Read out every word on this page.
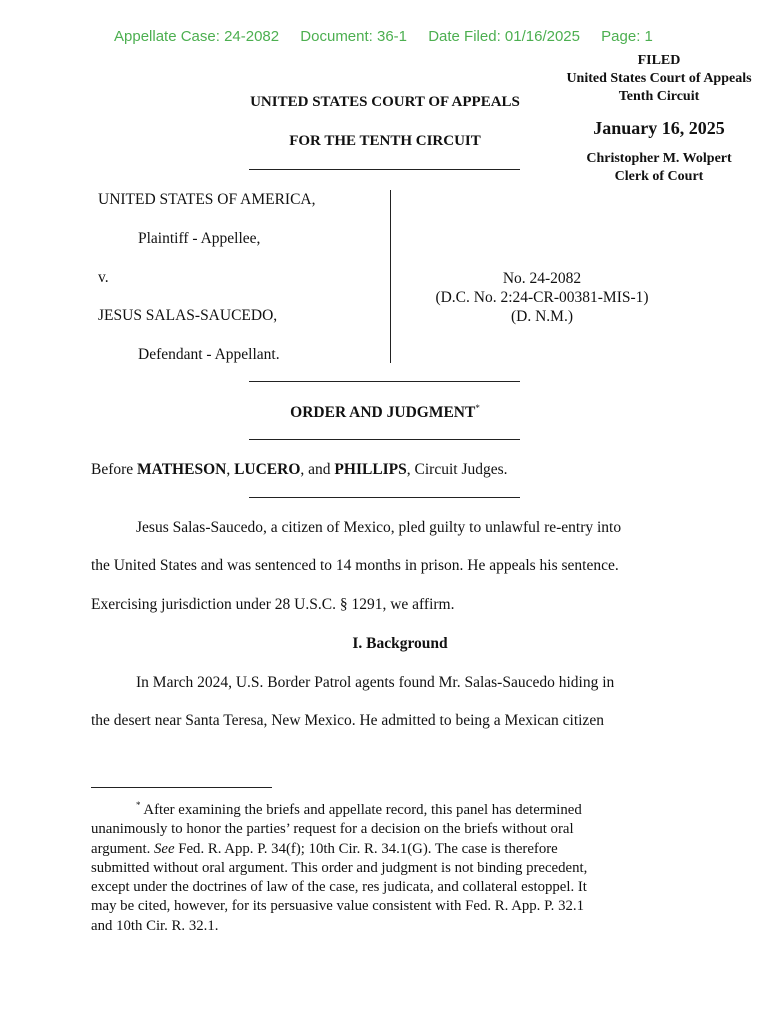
Appellate Case: 24-2082 Document: 36-1 Date Filed: 01/16/2025 Page: 1
FILED
United States Court of Appeals
Tenth Circuit
January 16, 2025
Christopher M. Wolpert
Clerk of Court
UNITED STATES COURT OF APPEALS
FOR THE TENTH CIRCUIT
UNITED STATES OF AMERICA,
Plaintiff - Appellee,
v.
JESUS SALAS-SAUCEDO,
Defendant - Appellant.
No. 24-2082
(D.C. No. 2:24-CR-00381-MIS-1)
(D. N.M.)
ORDER AND JUDGMENT*
Before MATHESON, LUCERO, and PHILLIPS, Circuit Judges.
Jesus Salas-Saucedo, a citizen of Mexico, pled guilty to unlawful re-entry into
the United States and was sentenced to 14 months in prison. He appeals his sentence.
Exercising jurisdiction under 28 U.S.C. § 1291, we affirm.
I. Background
In March 2024, U.S. Border Patrol agents found Mr. Salas-Saucedo hiding in
the desert near Santa Teresa, New Mexico. He admitted to being a Mexican citizen
* After examining the briefs and appellate record, this panel has determined
unanimously to honor the parties’ request for a decision on the briefs without oral
argument. See Fed. R. App. P. 34(f); 10th Cir. R. 34.1(G). The case is therefore
submitted without oral argument. This order and judgment is not binding precedent,
except under the doctrines of law of the case, res judicata, and collateral estoppel. It
may be cited, however, for its persuasive value consistent with Fed. R. App. P. 32.1
and 10th Cir. R. 32.1.
